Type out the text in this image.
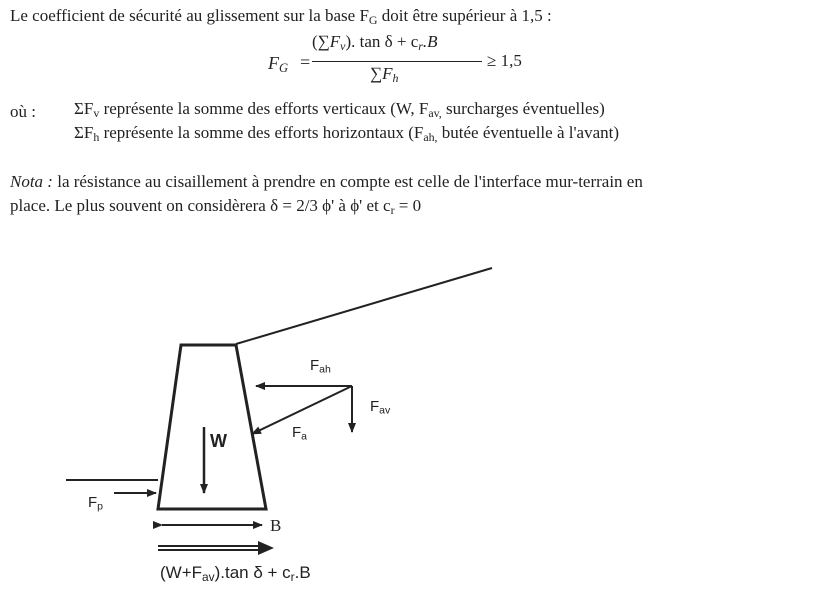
Le coefficient de sécurité au glissement sur la base $F_G$ doit être supérieur à 1,5 :
$F_G$ =
$(\sum F_v)$. $\tan \delta + c_r.B$
$\sum F_h$
≥ 1,5
où : $\Sigma F_v$ représente la somme des efforts verticaux (W, $F_{av,}$ surcharges éventuelles)
$\Sigma F_h$ représente la somme des efforts horizontaux ($F_{ah,}$ butée éventuelle à l'avant)
Nota : la résistance au cisaillement à prendre en compte est celle de l'interface mur-terrain en
place. Le plus souvent on considèrera δ = 2/3 ϕ' à ϕ' et $c_r = 0$
$F_{ah}$
$F_{av}$
$F_a$
W
$F_p$
B
$(W+F_{av}).\tan$ $\delta + c_r.B$
